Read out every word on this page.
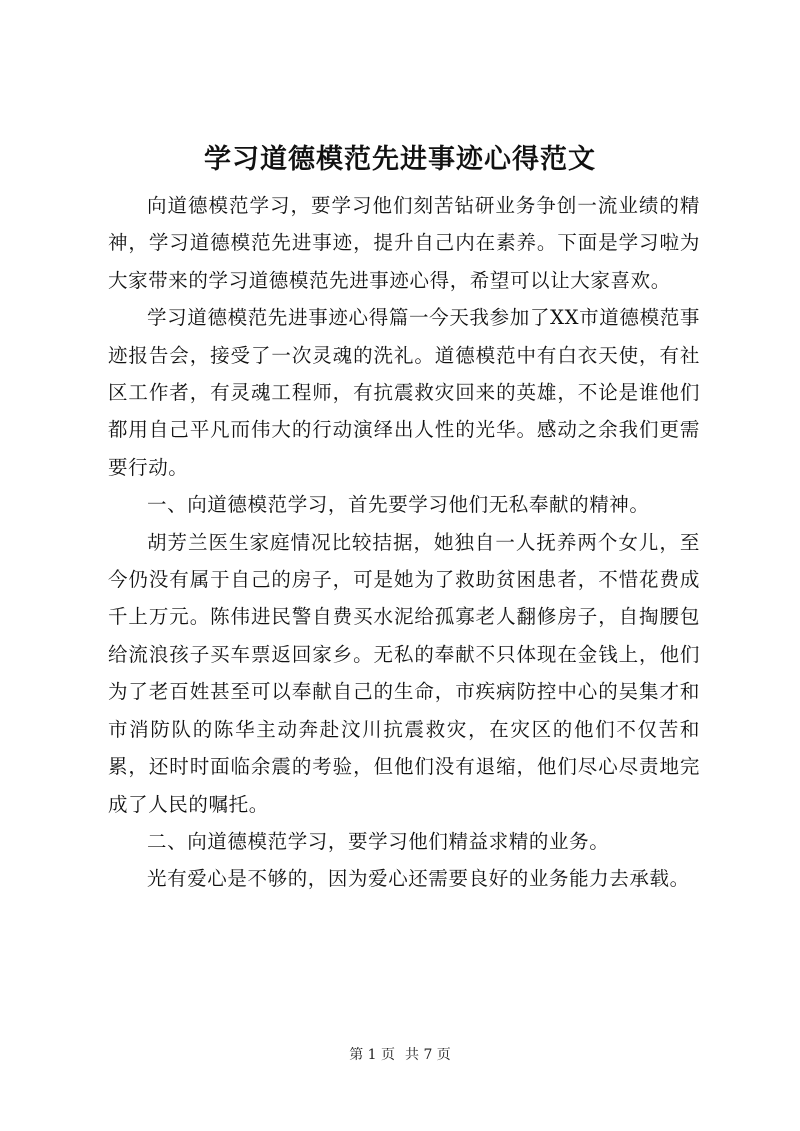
学习道德模范先进事迹心得范文

向道德模范学习，要学习他们刻苦钻研业务争创一流业绩的精神，学习道德模范先进事迹，提升自己内在素养。下面是学习啦为大家带来的学习道德模范先进事迹心得，希望可以让大家喜欢。

学习道德模范先进事迹心得篇一今天我参加了XX市道德模范事迹报告会，接受了一次灵魂的洗礼。道德模范中有白衣天使，有社区工作者，有灵魂工程师，有抗震救灾回来的英雄，不论是谁他们都用自己平凡而伟大的行动演绎出人性的光华。感动之余我们更需要行动。

一、向道德模范学习，首先要学习他们无私奉献的精神。

胡芳兰医生家庭情况比较拮据，她独自一人抚养两个女儿，至今仍没有属于自己的房子，可是她为了救助贫困患者，不惜花费成千上万元。陈伟进民警自费买水泥给孤寡老人翻修房子，自掏腰包给流浪孩子买车票返回家乡。无私的奉献不只体现在金钱上，他们为了老百姓甚至可以奉献自己的生命，市疾病防控中心的吴集才和市消防队的陈华主动奔赴汶川抗震救灾，在灾区的他们不仅苦和累，还时时面临余震的考验，但他们没有退缩，他们尽心尽责地完成了人民的嘱托。

二、向道德模范学习，要学习他们精益求精的业务。

光有爱心是不够的，因为爱心还需要良好的业务能力去承载。

第 1 页 共 7 页
